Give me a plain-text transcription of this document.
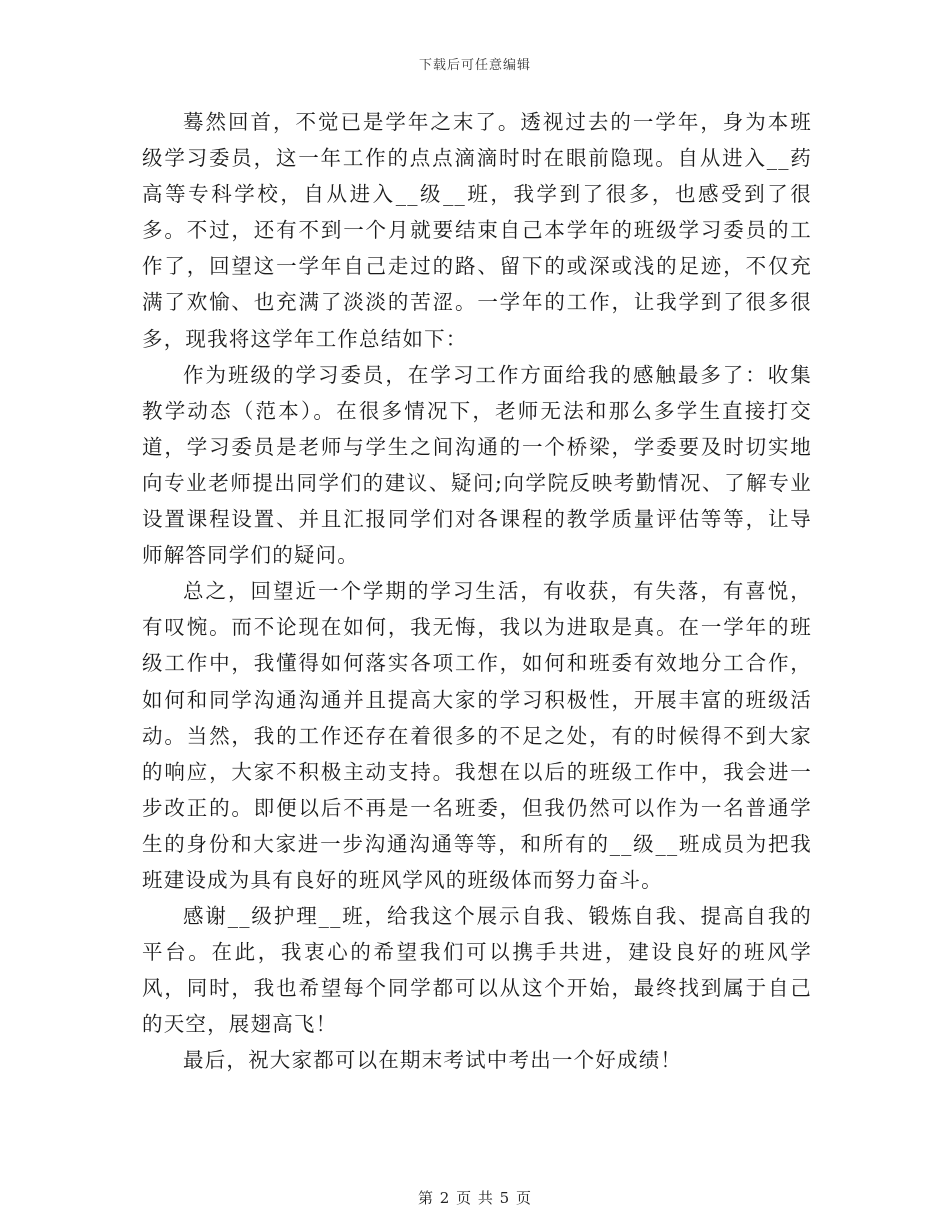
下载后可任意编辑

蓦然回首，不觉已是学年之末了。透视过去的一学年，身为本班级学习委员，这一年工作的点点滴滴时时在眼前隐现。自从进入__药高等专科学校，自从进入__级__班，我学到了很多，也感受到了很多。不过，还有不到一个月就要结束自己本学年的班级学习委员的工作了，回望这一学年自己走过的路、留下的或深或浅的足迹，不仅充满了欢愉、也充满了淡淡的苦涩。一学年的工作，让我学到了很多很多，现我将这学年工作总结如下：

作为班级的学习委员，在学习工作方面给我的感触最多了：收集教学动态（范本）。在很多情况下，老师无法和那么多学生直接打交道，学习委员是老师与学生之间沟通的一个桥梁，学委要及时切实地向专业老师提出同学们的建议、疑问;向学院反映考勤情况、了解专业设置课程设置、并且汇报同学们对各课程的教学质量评估等等，让导师解答同学们的疑问。

总之，回望近一个学期的学习生活，有收获，有失落，有喜悦，有叹惋。而不论现在如何，我无悔，我以为进取是真。在一学年的班级工作中，我懂得如何落实各项工作，如何和班委有效地分工合作，如何和同学沟通沟通并且提高大家的学习积极性，开展丰富的班级活动。当然，我的工作还存在着很多的不足之处，有的时候得不到大家的响应，大家不积极主动支持。我想在以后的班级工作中，我会进一步改正的。即便以后不再是一名班委，但我仍然可以作为一名普通学生的身份和大家进一步沟通沟通等等，和所有的__级__班成员为把我班建设成为具有良好的班风学风的班级体而努力奋斗。

感谢__级护理__班，给我这个展示自我、锻炼自我、提高自我的平台。在此，我衷心的希望我们可以携手共进，建设良好的班风学风，同时，我也希望每个同学都可以从这个开始，最终找到属于自己的天空，展翅高飞！

最后，祝大家都可以在期末考试中考出一个好成绩！

第 2 页 共 5 页
